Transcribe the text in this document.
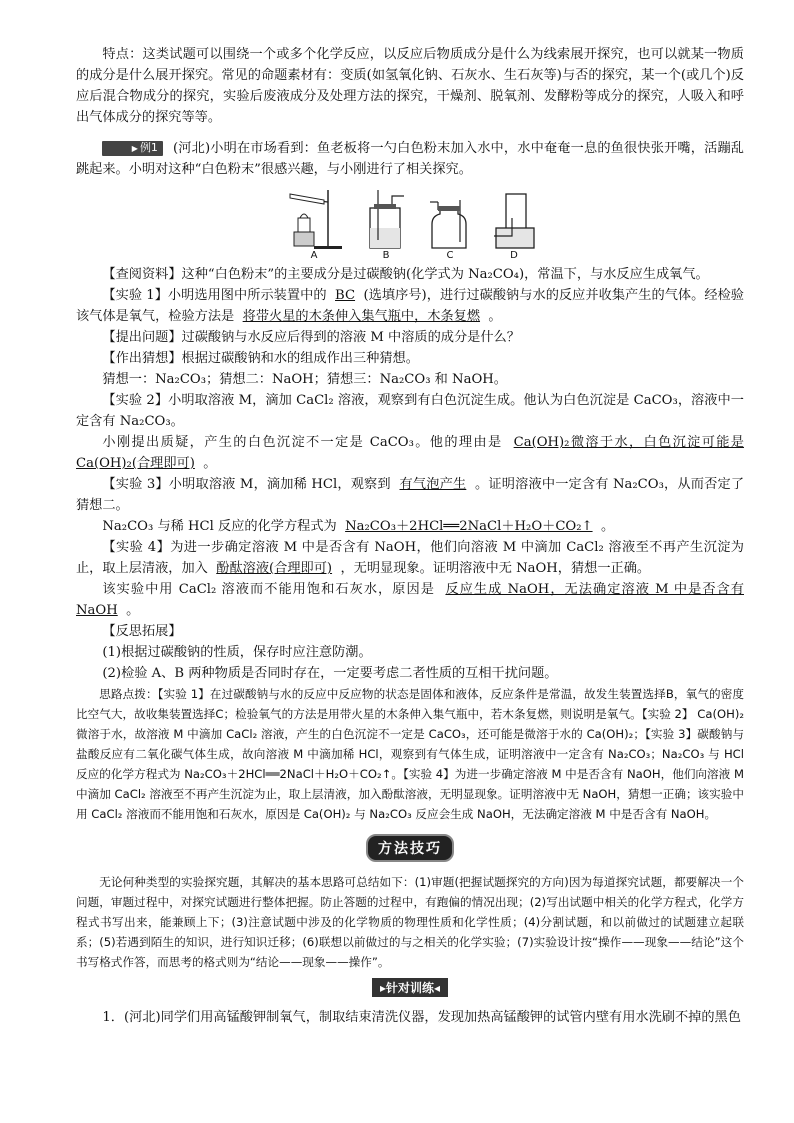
特点：这类试题可以围绕一个或多个化学反应，以反应后物质成分是什么为线索展开探究，也可以就某一物质的成分是什么展开探究。常见的命题素材有：变质(如氢氧化钠、石灰水、生石灰等)与否的探究，某一个(或几个)反应后混合物成分的探究，实验后废液成分及处理方法的探究，干燥剂、脱氧剂、发酵粉等成分的探究，人吸入和呼出气体成分的探究等等。

▶ 例1 (河北)小明在市场看到：鱼老板将一勺白色粉末加入水中，水中奄奄一息的鱼很快张开嘴，活蹦乱跳起来。小明对这种“白色粉末”很感兴趣，与小刚进行了相关探究。

A	B	C	D

【查阅资料】这种“白色粉末”的主要成分是过碳酸钠(化学式为 Na₂CO₄)，常温下，与水反应生成氧气。

【实验 1】小明选用图中所示装置中的 BC (选填序号)，进行过碳酸钠与水的反应并收集产生的气体。经检验该气体是氧气，检验方法是 将带火星的木条伸入集气瓶中，木条复燃 。

【提出问题】过碳酸钠与水反应后得到的溶液 M 中溶质的成分是什么？

【作出猜想】根据过碳酸钠和水的组成作出三种猜想。

猜想一：Na₂CO₃；猜想二：NaOH；猜想三：Na₂CO₃ 和 NaOH。

【实验 2】小明取溶液 M，滴加 CaCl₂ 溶液，观察到有白色沉淀生成。他认为白色沉淀是 CaCO₃，溶液中一定含有 Na₂CO₃。

小刚提出质疑，产生的白色沉淀不一定是 CaCO₃。他的理由是 Ca(OH)₂微溶于水，白色沉淀可能是 Ca(OH)₂(合理即可) 。

【实验 3】小明取溶液 M，滴加稀 HCl，观察到 有气泡产生 。证明溶液中一定含有 Na₂CO₃，从而否定了猜想二。

Na₂CO₃ 与稀 HCl 反应的化学方程式为 Na₂CO₃＋2HCl══2NaCl＋H₂O＋CO₂↑ 。

【实验 4】为进一步确定溶液 M 中是否含有 NaOH，他们向溶液 M 中滴加 CaCl₂ 溶液至不再产生沉淀为止，取上层清液，加入 酚酞溶液(合理即可) ，无明显现象。证明溶液中无 NaOH，猜想一正确。

该实验中用 CaCl₂ 溶液而不能用饱和石灰水，原因是 反应生成 NaOH，无法确定溶液 M 中是否含有 NaOH 。

【反思拓展】

(1)根据过碳酸钠的性质，保存时应注意防潮。

(2)检验 A、B 两种物质是否同时存在，一定要考虑二者性质的互相干扰问题。

思路点拨：【实验 1】在过碳酸钠与水的反应中反应物的状态是固体和液体，反应条件是常温，故发生装置选择B，氧气的密度比空气大，故收集装置选择C；检验氧气的方法是用带火星的木条伸入集气瓶中，若木条复燃，则说明是氧气。【实验 2】 Ca(OH)₂微溶于水，故溶液 M 中滴加 CaCl₂ 溶液，产生的白色沉淀不一定是 CaCO₃，还可能是微溶于水的 Ca(OH)₂；【实验 3】碳酸钠与盐酸反应有二氧化碳气体生成，故向溶液 M 中滴加稀 HCl，观察到有气体生成，证明溶液中一定含有 Na₂CO₃；Na₂CO₃ 与 HCl 反应的化学方程式为 Na₂CO₃＋2HCl══2NaCl＋H₂O＋CO₂↑。【实验 4】为进一步确定溶液 M 中是否含有 NaOH，他们向溶液 M 中滴加 CaCl₂ 溶液至不再产生沉淀为止，取上层清液，加入酚酞溶液，无明显现象。证明溶液中无 NaOH，猜想一正确；该实验中用 CaCl₂ 溶液而不能用饱和石灰水，原因是 Ca(OH)₂ 与 Na₂CO₃ 反应会生成 NaOH，无法确定溶液 M 中是否含有 NaOH。

方法技巧

无论何种类型的实验探究题，其解决的基本思路可总结如下：(1)审题(把握试题探究的方向)因为每道探究试题，都要解决一个问题，审题过程中，对探究试题进行整体把握。防止答题的过程中，有跑偏的情况出现；(2)写出试题中相关的化学方程式，化学方程式书写出来，能兼顾上下；(3)注意试题中涉及的化学物质的物理性质和化学性质；(4)分割试题，和以前做过的试题建立起联系；(5)若遇到陌生的知识，进行知识迁移；(6)联想以前做过的与之相关的化学实验；(7)实验设计按“操作——现象——结论”这个书写格式作答，而思考的格式则为“结论——现象——操作”。

▸针对训练◂

1．(河北)同学们用高锰酸钾制氧气，制取结束清洗仪器，发现加热高锰酸钾的试管内壁有用水洗刷不掉的黑色
